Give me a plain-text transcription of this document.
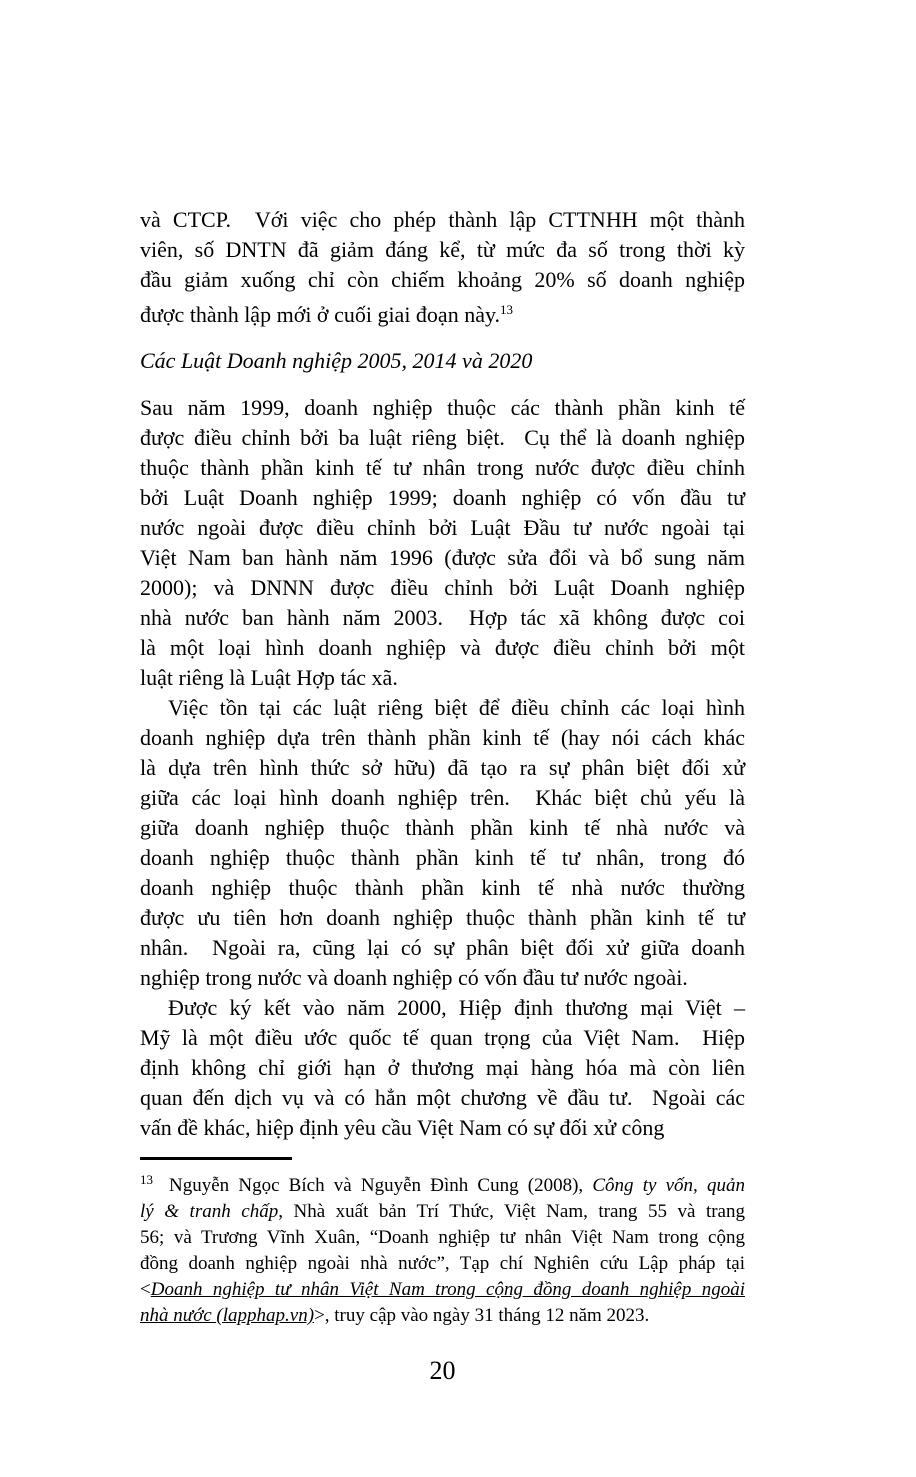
và CTCP.  Với việc cho phép thành lập CTTNHH một thành
viên, số DNTN đã giảm đáng kể, từ mức đa số trong thời kỳ
đầu giảm xuống chỉ còn chiếm khoảng 20% số doanh nghiệp
được thành lập mới ở cuối giai đoạn này.$^{13}$
Các Luật Doanh nghiệp 2005, 2014 và 2020
Sau năm 1999, doanh nghiệp thuộc các thành phần kinh tế
được điều chỉnh bởi ba luật riêng biệt.  Cụ thể là doanh nghiệp
thuộc thành phần kinh tế tư nhân trong nước được điều chỉnh
bởi Luật Doanh nghiệp 1999; doanh nghiệp có vốn đầu tư
nước ngoài được điều chỉnh bởi Luật Đầu tư nước ngoài tại
Việt Nam ban hành năm 1996 (được sửa đổi và bổ sung năm
2000); và DNNN được điều chỉnh bởi Luật Doanh nghiệp
nhà nước ban hành năm 2003.  Hợp tác xã không được coi
là một loại hình doanh nghiệp và được điều chỉnh bởi một
luật riêng là Luật Hợp tác xã.
Việc tồn tại các luật riêng biệt để điều chỉnh các loại hình
doanh nghiệp dựa trên thành phần kinh tế (hay nói cách khác
là dựa trên hình thức sở hữu) đã tạo ra sự phân biệt đối xử
giữa các loại hình doanh nghiệp trên.  Khác biệt chủ yếu là
giữa doanh nghiệp thuộc thành phần kinh tế nhà nước và
doanh nghiệp thuộc thành phần kinh tế tư nhân, trong đó
doanh nghiệp thuộc thành phần kinh tế nhà nước thường
được ưu tiên hơn doanh nghiệp thuộc thành phần kinh tế tư
nhân.  Ngoài ra, cũng lại có sự phân biệt đối xử giữa doanh
nghiệp trong nước và doanh nghiệp có vốn đầu tư nước ngoài.
Được ký kết vào năm 2000, Hiệp định thương mại Việt –
Mỹ là một điều ước quốc tế quan trọng của Việt Nam.  Hiệp
định không chỉ giới hạn ở thương mại hàng hóa mà còn liên
quan đến dịch vụ và có hẳn một chương về đầu tư.  Ngoài các
vấn đề khác, hiệp định yêu cầu Việt Nam có sự đối xử công
$^{13}$ Nguyễn Ngọc Bích và Nguyễn Đình Cung (2008), Công ty vốn, quản
lý & tranh chấp, Nhà xuất bản Trí Thức, Việt Nam, trang 55 và trang
56; và Trương Vĩnh Xuân, “Doanh nghiệp tư nhân Việt Nam trong cộng
đồng doanh nghiệp ngoài nhà nước”, Tạp chí Nghiên cứu Lập pháp tại
<Doanh nghiệp tư nhân Việt Nam trong cộng đồng doanh nghiệp ngoài
nhà nước (lapphap.vn)>, truy cập vào ngày 31 tháng 12 năm 2023.
20
